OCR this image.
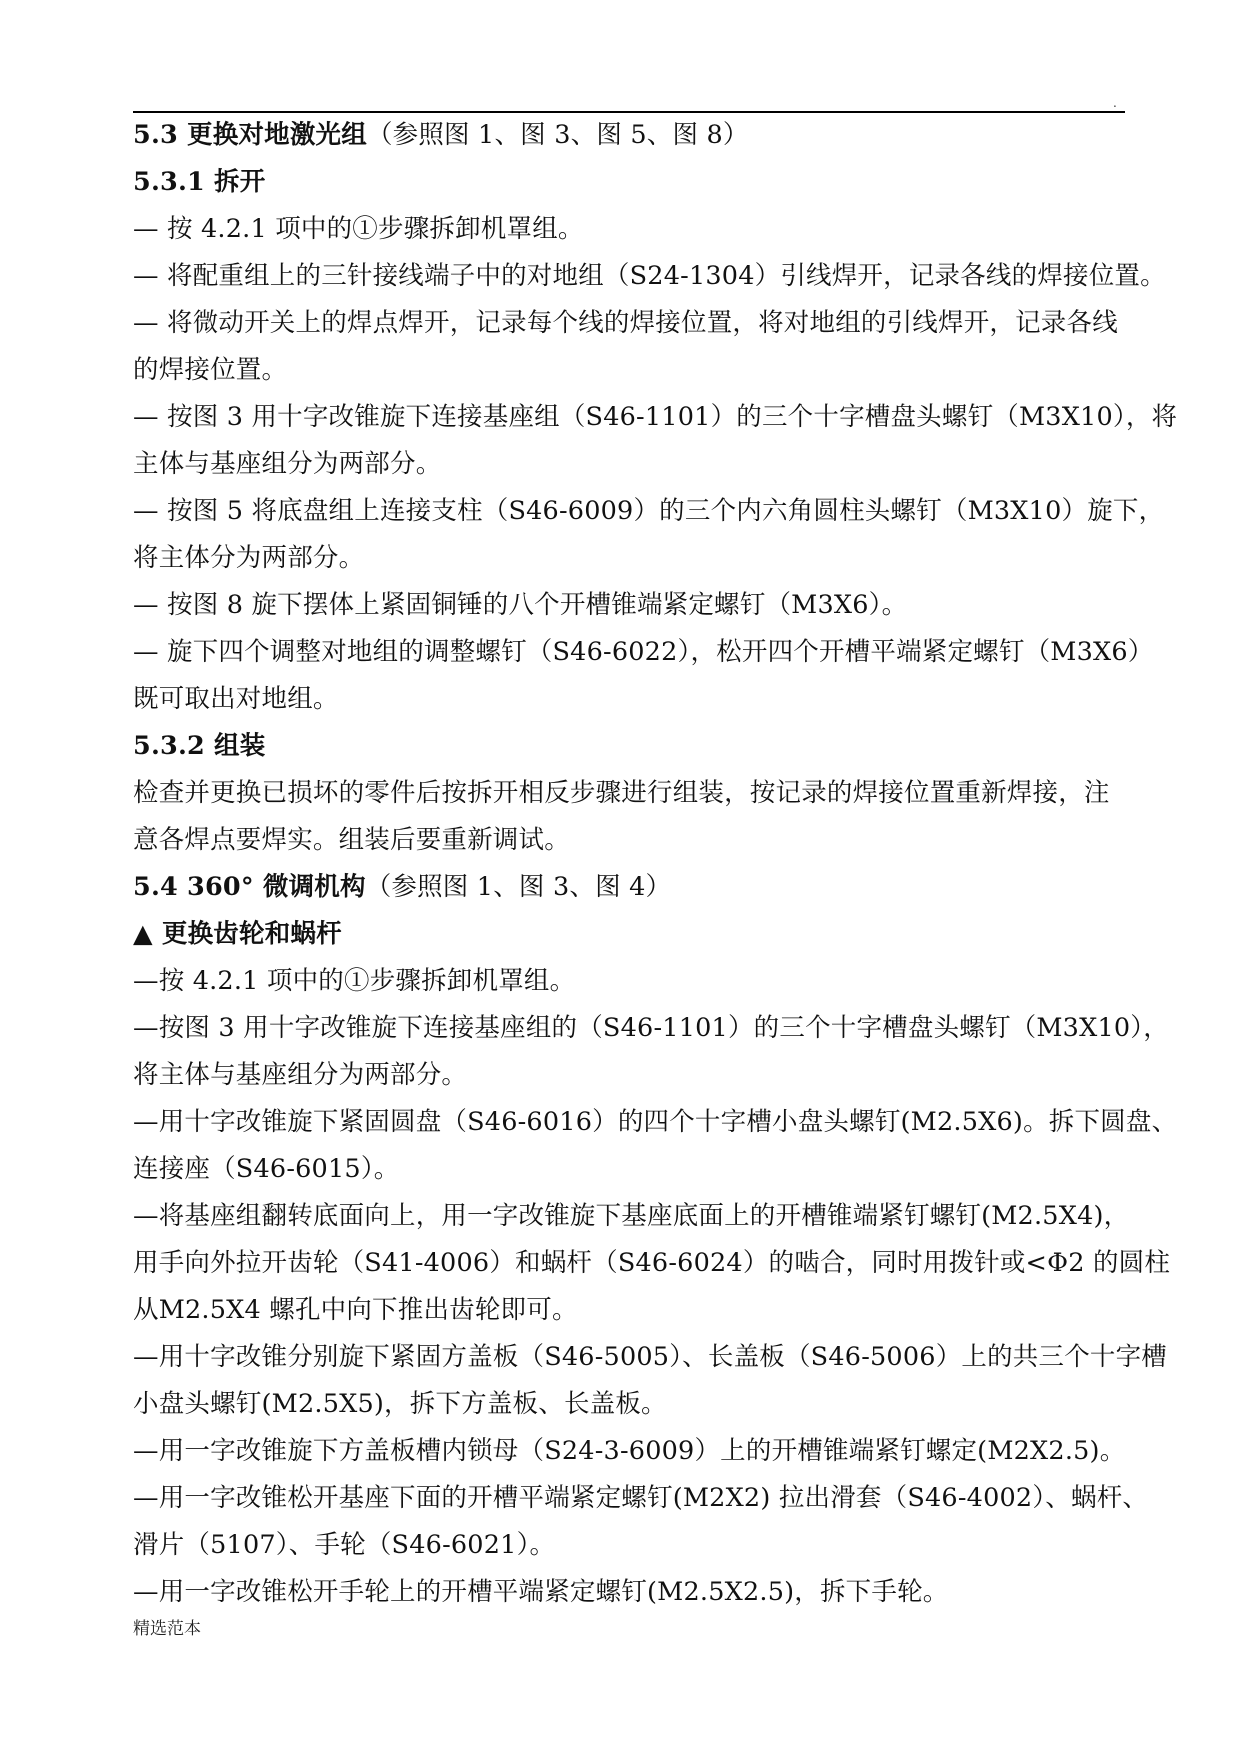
.
5.3 更换对地激光组（参照图 1、图 3、图 5、图 8）
5.3.1 拆开
— 按 4.2.1 项中的①步骤拆卸机罩组。
— 将配重组上的三针接线端子中的对地组（S24-1304）引线焊开，记录各线的焊接位置。
— 将微动开关上的焊点焊开，记录每个线的焊接位置，将对地组的引线焊开，记录各线
的焊接位置。
— 按图 3 用十字改锥旋下连接基座组（S46-1101）的三个十字槽盘头螺钉（M3X10），将
主体与基座组分为两部分。
— 按图 5 将底盘组上连接支柱（S46-6009）的三个内六角圆柱头螺钉（M3X10）旋下，
将主体分为两部分。
— 按图 8 旋下摆体上紧固铜锤的八个开槽锥端紧定螺钉（M3X6）。
— 旋下四个调整对地组的调整螺钉（S46-6022），松开四个开槽平端紧定螺钉（M3X6）
既可取出对地组。
5.3.2 组装
检查并更换已损坏的零件后按拆开相反步骤进行组装，按记录的焊接位置重新焊接，注
意各焊点要焊实。组装后要重新调试。
5.4 360° 微调机构（参照图 1、图 3、图 4）
▲ 更换齿轮和蜗杆
—按 4.2.1 项中的①步骤拆卸机罩组。
—按图 3 用十字改锥旋下连接基座组的（S46-1101）的三个十字槽盘头螺钉（M3X10），
将主体与基座组分为两部分。
—用十字改锥旋下紧固圆盘（S46-6016）的四个十字槽小盘头螺钉(M2.5X6)。拆下圆盘、
连接座（S46-6015）。
—将基座组翻转底面向上，用一字改锥旋下基座底面上的开槽锥端紧钉螺钉(M2.5X4)，
用手向外拉开齿轮（S41-4006）和蜗杆（S46-6024）的啮合，同时用拨针或<Φ2 的圆柱
从M2.5X4 螺孔中向下推出齿轮即可。
—用十字改锥分别旋下紧固方盖板（S46-5005）、长盖板（S46-5006）上的共三个十字槽
小盘头螺钉(M2.5X5)，拆下方盖板、长盖板。
—用一字改锥旋下方盖板槽内锁母（S24-3-6009）上的开槽锥端紧钉螺定(M2X2.5)。
—用一字改锥松开基座下面的开槽平端紧定螺钉(M2X2) 拉出滑套（S46-4002）、蜗杆、
滑片（5107）、手轮（S46-6021）。
—用一字改锥松开手轮上的开槽平端紧定螺钉(M2.5X2.5)，拆下手轮。
精选范本
